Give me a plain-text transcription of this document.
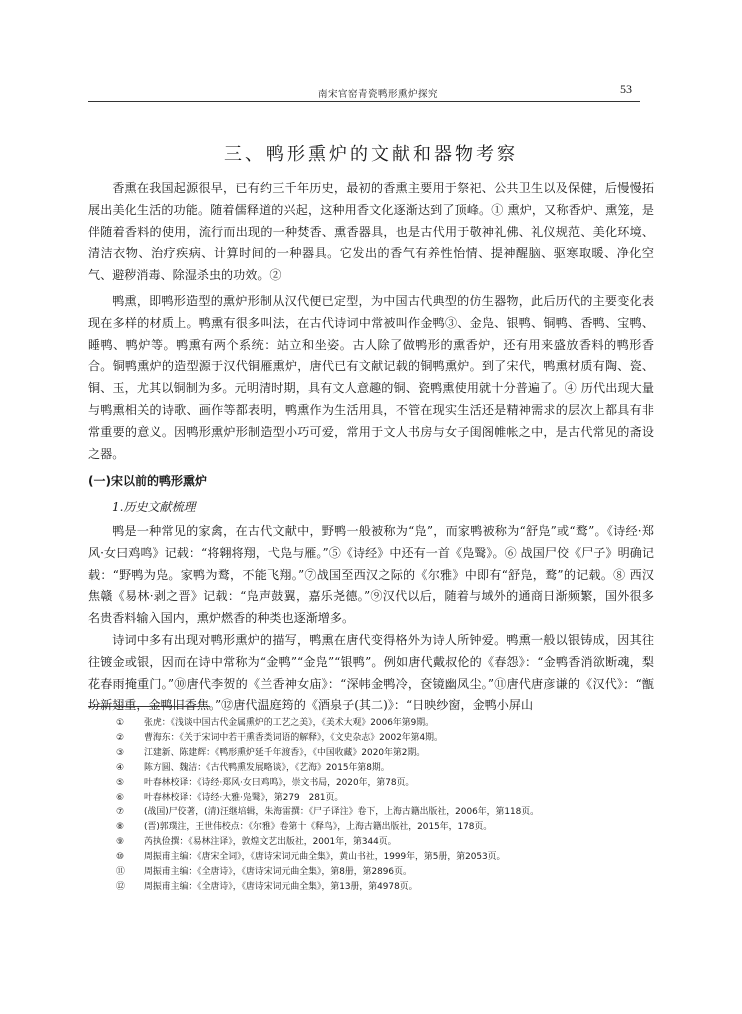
南宋官窑青瓷鸭形熏炉探究	53
三、鸭形熏炉的文献和器物考察

香熏在我国起源很早，已有约三千年历史，最初的香熏主要用于祭祀、公共卫生以及保健，后慢慢拓展出美化生活的功能。随着儒释道的兴起，这种用香文化逐渐达到了顶峰。① 熏炉，又称香炉、熏笼，是伴随着香料的使用，流行而出现的一种焚香、熏香器具，也是古代用于敬神礼佛、礼仪规范、美化环境、清洁衣物、治疗疾病、计算时间的一种器具。它发出的香气有养性怡情、提神醒脑、驱寒取暖、净化空气、避秽消毒、除湿杀虫的功效。②

鸭熏，即鸭形造型的熏炉形制从汉代便已定型，为中国古代典型的仿生器物，此后历代的主要变化表现在多样的材质上。鸭熏有很多叫法，在古代诗词中常被叫作金鸭③、金凫、银鸭、铜鸭、香鸭、宝鸭、睡鸭、鸭炉等。鸭熏有两个系统：站立和坐姿。古人除了做鸭形的熏香炉，还有用来盛放香料的鸭形香合。铜鸭熏炉的造型源于汉代铜雁熏炉，唐代已有文献记载的铜鸭熏炉。到了宋代，鸭熏材质有陶、瓷、铜、玉，尤其以铜制为多。元明清时期，具有文人意趣的铜、瓷鸭熏使用就十分普遍了。④ 历代出现大量与鸭熏相关的诗歌、画作等都表明，鸭熏作为生活用具，不管在现实生活还是精神需求的层次上都具有非常重要的意义。因鸭形熏炉形制造型小巧可爱，常用于文人书房与女子闺阁帷帐之中，是古代常见的斋设之器。

(一)宋以前的鸭形熏炉
1.历史文献梳理

鸭是一种常见的家禽，在古代文献中，野鸭一般被称为“凫”，而家鸭被称为“舒凫”或“鹜”。《诗经·郑风·女曰鸡鸣》记载：“将翱将翔，弋凫与雁。”⑤《诗经》中还有一首《凫鹥》。⑥ 战国尸佼《尸子》明确记载：“野鸭为凫。家鸭为鹜，不能飞翔。”⑦战国至西汉之际的《尔雅》中即有“舒凫，鹜”的记载。⑧ 西汉焦赣《易林·剥之晋》记载：“凫声鼓翼，嘉乐尧德。”⑨汉代以后，随着与域外的通商日渐频繁，国外很多名贵香料输入国内，熏炉燃香的种类也逐渐增多。

诗词中多有出现对鸭形熏炉的描写，鸭熏在唐代变得格外为诗人所钟爱。鸭熏一般以银铸成，因其往往镀金或银，因而在诗中常称为“金鸭”“金凫”“银鸭”。例如唐代戴叔伦的《春怨》：“金鸭香消欲断魂，梨花春雨掩重门。”⑩唐代李贺的《兰香神女庙》：“深帏金鸭冷，奁镜幽凤尘。”⑪唐代唐彦谦的《汉代》：“甑坋新翅重，金鸭旧香焦。”⑫唐代温庭筠的《酒泉子(其二)》：“日映纱窗，金鸭小屏山

①	张虎：《浅谈中国古代金属熏炉的工艺之美》，《美术大观》2006年第9期。
②	曹海东：《关于宋词中若干熏香类词语的解释》，《文史杂志》2002年第4期。
③	江建新、陈建辉：《鸭形熏炉延千年渡香》，《中国收藏》2020年第2期。
④	陈方圆、魏洁：《古代鸭熏发展略谈》，《艺海》2015年第8期。
⑤	叶春林校译：《诗经·郑风·女曰鸡鸣》，崇文书局，2020年，第78页。
⑥	叶春林校译：《诗经·大雅·凫鹥》，第279　281页。
⑦	(战国)尸佼著，(清)汪继培辑，朱海雷撰：《尸子译注》卷下，上海古籍出版社，2006年，第118页。
⑧	(晋)郭璞注，王世伟校点：《尔雅》卷第十《释鸟》，上海古籍出版社，2015年，178页。
⑨	芮执俭撰：《易林注译》，敦煌文艺出版社，2001年，第344页。
⑩	周振甫主编：《唐宋全词》，《唐诗宋词元曲全集》，黄山书社，1999年，第5册，第2053页。
⑪	周振甫主编：《全唐诗》，《唐诗宋词元曲全集》，第8册，第2896页。
⑫	周振甫主编：《全唐诗》，《唐诗宋词元曲全集》，第13册，第4978页。
